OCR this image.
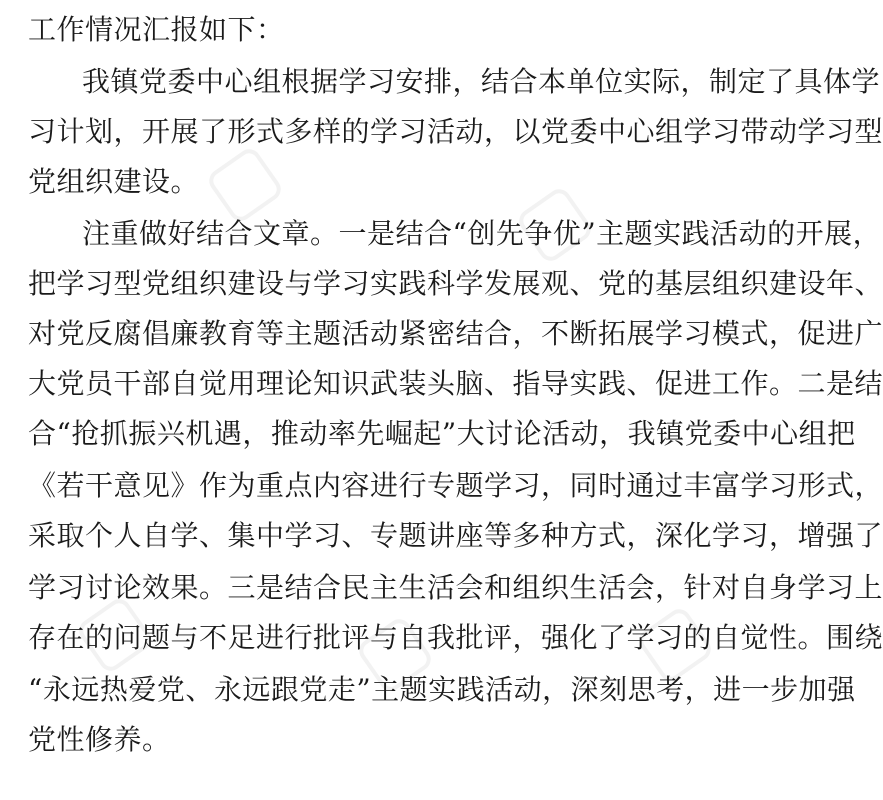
工作情况汇报如下：
我镇党委中心组根据学习安排，结合本单位实际，制定了具体学
习计划，开展了形式多样的学习活动，以党委中心组学习带动学习型
党组织建设。
注重做好结合文章。一是结合“创先争优”主题实践活动的开展，
把学习型党组织建设与学习实践科学发展观、党的基层组织建设年、
对党反腐倡廉教育等主题活动紧密结合，不断拓展学习模式，促进广
大党员干部自觉用理论知识武装头脑、指导实践、促进工作。二是结
合“抢抓振兴机遇，推动率先崛起”大讨论活动，我镇党委中心组把
《若干意见》作为重点内容进行专题学习，同时通过丰富学习形式，
采取个人自学、集中学习、专题讲座等多种方式，深化学习，增强了
学习讨论效果。三是结合民主生活会和组织生活会，针对自身学习上
存在的问题与不足进行批评与自我批评，强化了学习的自觉性。围绕
“永远热爱党、永远跟党走”主题实践活动，深刻思考，进一步加强
党性修养。
